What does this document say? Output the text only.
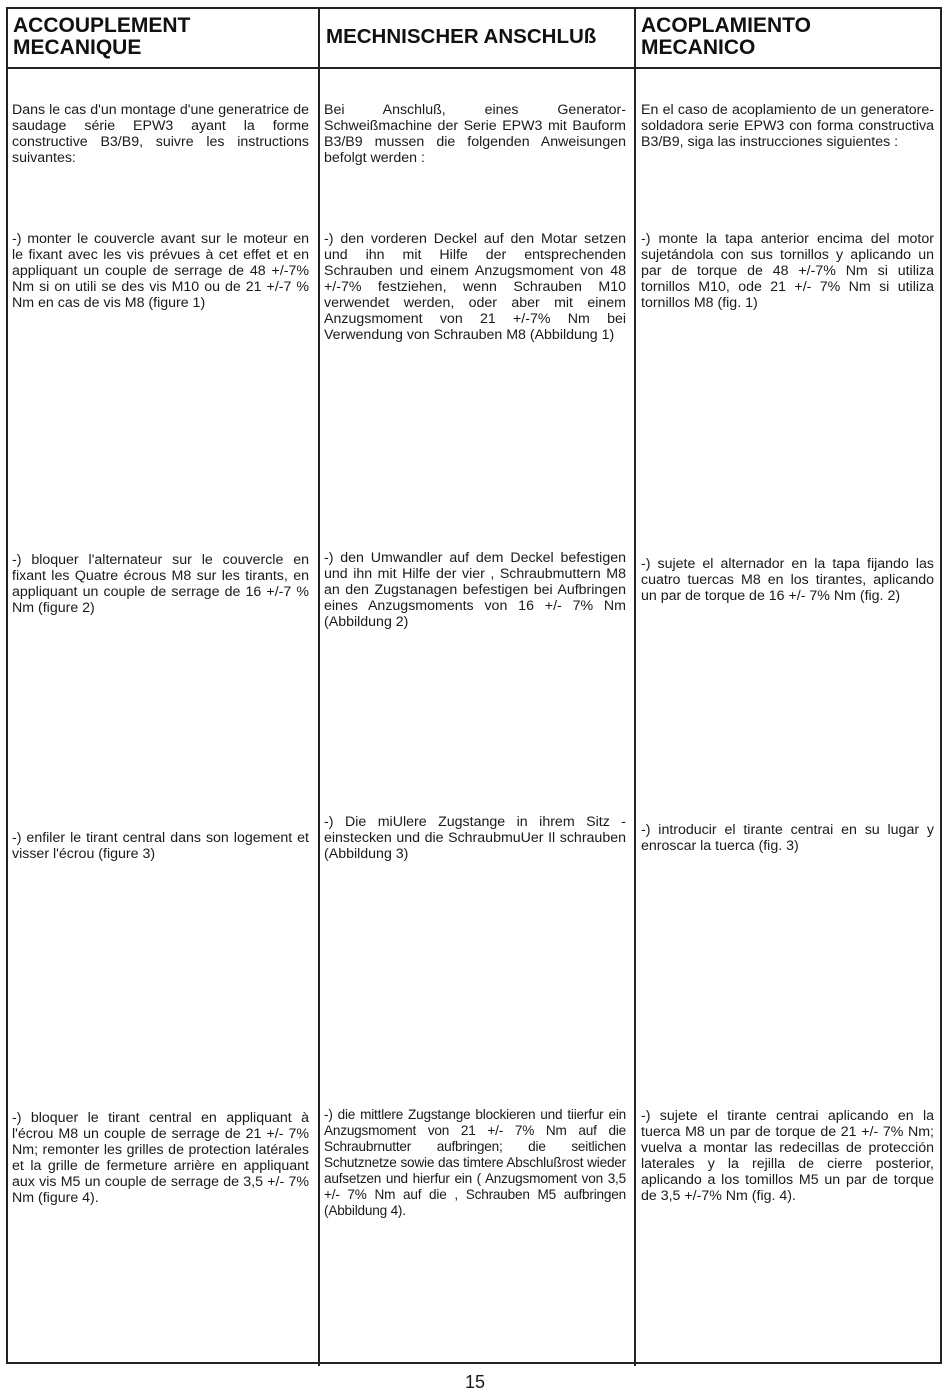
ACCOUPLEMENT MECANIQUE	MECHNISCHER ANSCHLUß	ACOPLAMIENTO MECANICO
Dans le cas d'un montage d'une generatrice de saudage série EPW3 ayant la forme constructive B3/B9, suivre les instructions suivantes:
Bei Anschluß, eines Generator-Schweißmachine der Serie EPW3 mit Bauform B3/B9 mussen die folgenden Anweisungen befolgt werden :
En el caso de acoplamiento de un generatore-soldadora serie EPW3 con forma constructiva B3/B9, siga las instrucciones siguientes :
-) monter le couvercle avant sur le moteur en le fixant avec les vis prévues à cet effet et en appliquant un couple de serrage de 48 +/-7% Nm si on utili se des vis M10 ou de 21 +/-7 % Nm en cas de vis M8 (figure 1)
-) den vorderen Deckel auf den Motar setzen und ihn mit Hilfe der entsprechenden Schrauben und einem Anzugsmoment von 48 +/-7% festziehen, wenn Schrauben M10 verwendet werden, oder aber mit einem Anzugsmoment von 21 +/-7% Nm bei Verwendung von Schrauben M8 (Abbildung 1)
-) monte la tapa anterior encima del motor sujetándola con sus tornillos y aplicando un par de torque de 48 +/-7% Nm si utiliza tornillos M10, ode 21 +/- 7% Nm si utiliza tornillos M8 (fig. 1)
-) bloquer l'alternateur sur le couvercle en fixant les Quatre écrous M8 sur les tirants, en appliquant un couple de serrage de 16 +/-7 % Nm (figure 2)
-) den Umwandler auf dem Deckel befestigen und ihn mit Hilfe der vier , Schraubmuttern M8 an den Zugstanagen befestigen bei Aufbringen eines Anzugsmoments von 16 +/- 7% Nm (Abbildung 2)
-) sujete el alternador en la tapa fijando las cuatro tuercas M8 en los tirantes, aplicando un par de torque de 16 +/- 7% Nm (fig. 2)
-) enfiler le tirant central dans son logement et visser l'écrou (figure 3)
-) Die miUlere Zugstange in ihrem Sitz - einstecken und die SchraubmuUer Il schrauben (Abbildung 3)
-) introducir el tirante centrai en su lugar y enroscar la tuerca (fig. 3)
-) bloquer le tirant central en appliquant à l'écrou M8 un couple de serrage de 21 +/- 7% Nm; remonter les grilles de protection latérales et la grille de fermeture arrière en appliquant aux vis M5 un couple de serrage de 3,5 +/- 7% Nm (figure 4).
-) die mittlere Zugstange blockieren und tiierfur ein Anzugsmoment von 21 +/- 7% Nm auf die Schraubrnutter aufbringen; die seitlichen Schutznetze sowie das timtere Abschlußrost wieder aufsetzen und hierfur ein ( Anzugsmoment von 3,5 +/- 7% Nm auf die , Schrauben M5 aufbringen (Abbildung 4).
-) sujete el tirante centrai aplicando en la tuerca M8 un par de torque de 21 +/- 7% Nm; vuelva a montar las redecillas de protección laterales y la rejilla de cierre posterior, aplicando a los tomillos M5 un par de torque de 3,5 +/-7% Nm (fig. 4).
15
